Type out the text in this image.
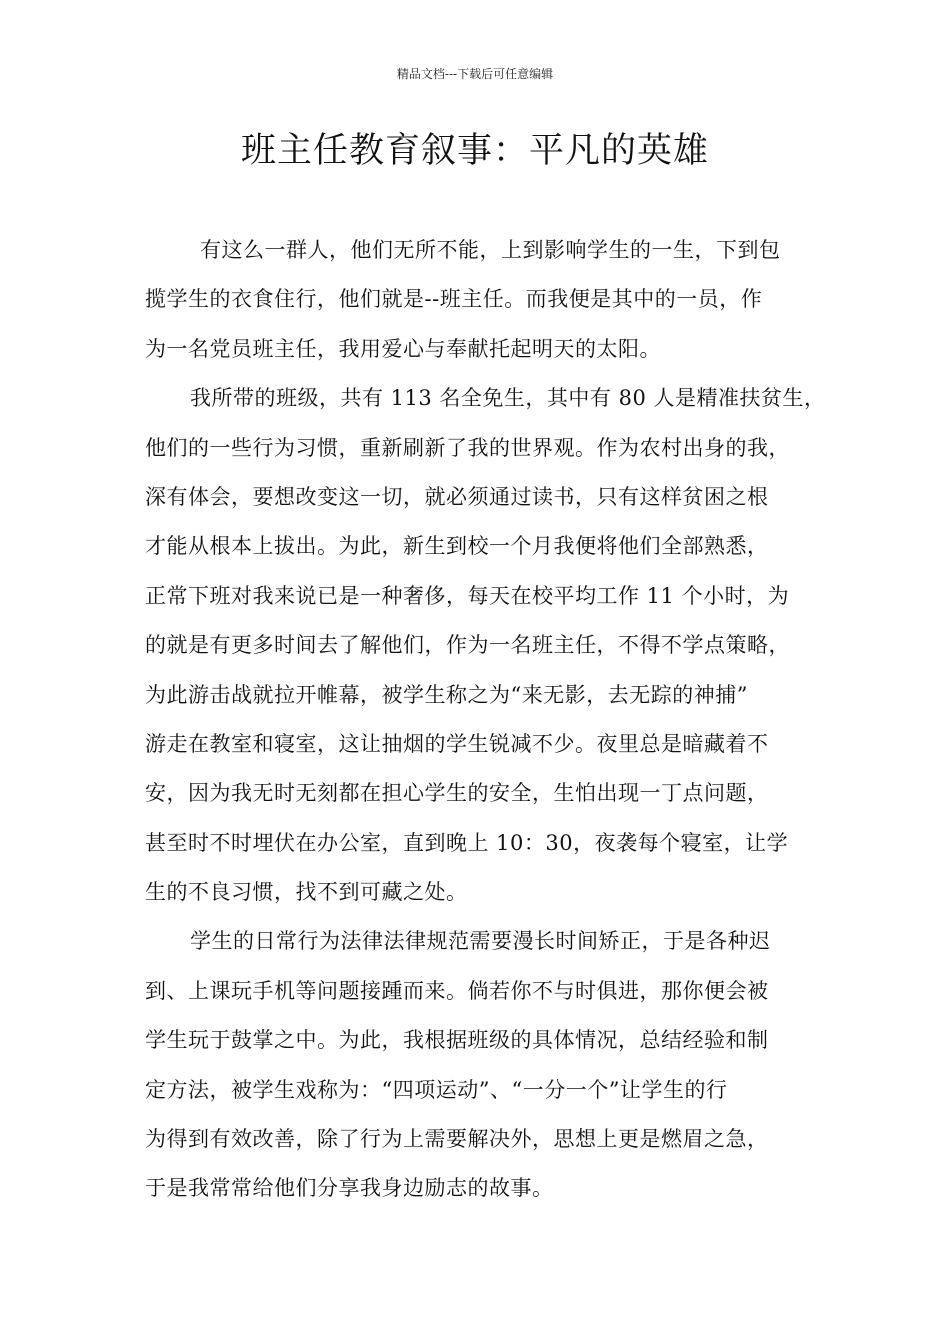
精品文档---下载后可任意编辑
班主任教育叙事：平凡的英雄
有这么一群人，他们无所不能，上到影响学生的一生，下到包
揽学生的衣食住行，他们就是--班主任。而我便是其中的一员，作
为一名党员班主任，我用爱心与奉献托起明天的太阳。
我所带的班级，共有 113 名全免生，其中有 80 人是精准扶贫生，
他们的一些行为习惯，重新刷新了我的世界观。作为农村出身的我，
深有体会，要想改变这一切，就必须通过读书，只有这样贫困之根
才能从根本上拔出。为此，新生到校一个月我便将他们全部熟悉，
正常下班对我来说已是一种奢侈，每天在校平均工作 11 个小时，为
的就是有更多时间去了解他们，作为一名班主任，不得不学点策略，
为此游击战就拉开帷幕，被学生称之为“来无影，去无踪的神捕”
游走在教室和寝室，这让抽烟的学生锐减不少。夜里总是暗藏着不
安，因为我无时无刻都在担心学生的安全，生怕出现一丁点问题，
甚至时不时埋伏在办公室，直到晚上 10：30，夜袭每个寝室，让学
生的不良习惯，找不到可藏之处。
学生的日常行为法律法律规范需要漫长时间矫正，于是各种迟
到、上课玩手机等问题接踵而来。倘若你不与时俱进，那你便会被
学生玩于鼓掌之中。为此，我根据班级的具体情况，总结经验和制
定方法，被学生戏称为：“四项运动”、“一分一个”让学生的行
为得到有效改善，除了行为上需要解决外，思想上更是燃眉之急，
于是我常常给他们分享我身边励志的故事。
